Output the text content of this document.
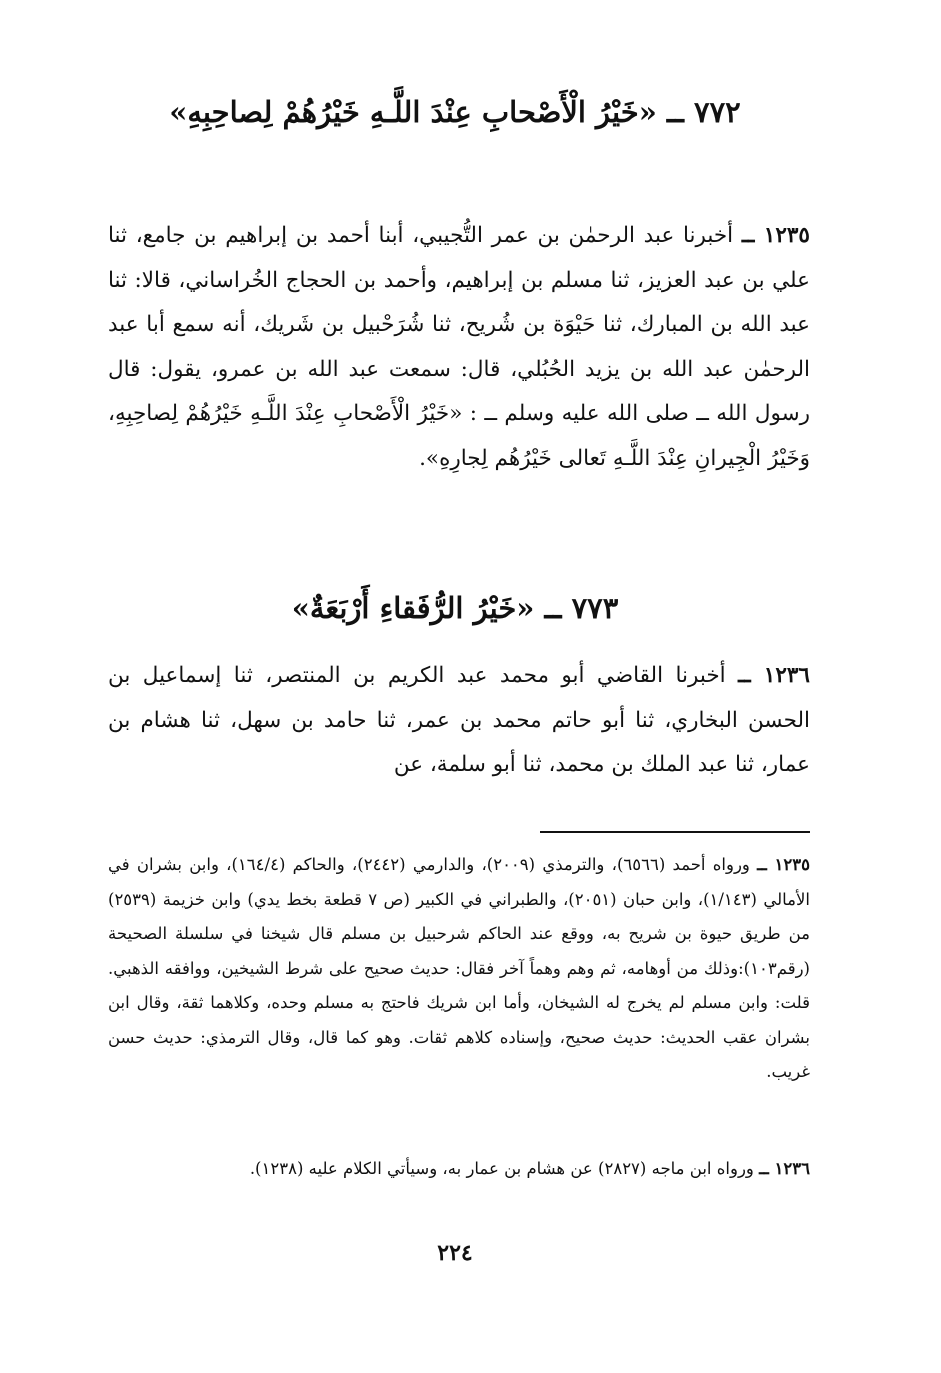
٧٧٢ ــ «خَيْرُ الْأَصْحابِ عِنْدَ اللَّـهِ خَيْرُهُمْ لِصاحِبِهِ»

١٢٣٥ ــ أخبرنا عبد الرحمٰن بن عمر التُّجيبي، أبنا أحمد بن إبراهيم بن جامع، ثنا علي بن عبد العزيز، ثنا مسلم بن إبراهيم، وأحمد بن الحجاج الخُراساني، قالا: ثنا عبد الله بن المبارك، ثنا حَيْوَة بن شُريح، ثنا شُرَحْبيل بن شَريك، أنه سمع أبا عبد الرحمٰن عبد الله بن يزيد الحُبُلي، قال: سمعت عبد الله بن عمرو، يقول: قال رسول الله ــ صلى الله عليه وسلم ــ : «خَيْرُ الْأَصْحابِ عِنْدَ اللَّـهِ خَيْرُهُمْ لِصاحِبِهِ، وَخَيْرُ الْجِيرانِ عِنْدَ اللَّـهِ تَعالى خَيْرُهُم لِجارِهِ».

٧٧٣ ــ «خَيْرُ الرُّفَقاءِ أَرْبَعَةٌ»

١٢٣٦ ــ أخبرنا القاضي أبو محمد عبد الكريم بن المنتصر، ثنا إسماعيل بن الحسن البخاري، ثنا أبو حاتم محمد بن عمر، ثنا حامد بن سهل، ثنا هشام بن عمار، ثنا عبد الملك بن محمد، ثنا أبو سلمة، عن

١٢٣٥ ــ ورواه أحمد (٦٥٦٦)، والترمذي (٢٠٠٩)، والدارمي (٢٤٤٢)، والحاكم (١٦٤/٤)، وابن بشران في الأمالي (١/١٤٣)، وابن حبان (٢٠٥١)، والطبراني في الكبير (ص ٧ قطعة بخط يدي) وابن خزيمة (٢٥٣٩) من طريق حيوة بن شريح به، ووقع عند الحاكم شرحبيل بن مسلم قال شيخنا في سلسلة الصحيحة (رقم١٠٣):وذلك من أوهامه، ثم وهم وهماً آخر فقال: حديث صحيح على شرط الشيخين، ووافقه الذهبي. قلت: وابن مسلم لم يخرج له الشيخان، وأما ابن شريك فاحتج به مسلم وحده، وكلاهما ثقة، وقال ابن بشران عقب الحديث: حديث صحيح، وإسناده كلاهم ثقات. وهو كما قال، وقال الترمذي: حديث حسن غريب.

١٢٣٦ ــ ورواه ابن ماجه (٢٨٢٧) عن هشام بن عمار به، وسيأتي الكلام عليه (١٢٣٨).

٢٢٤
